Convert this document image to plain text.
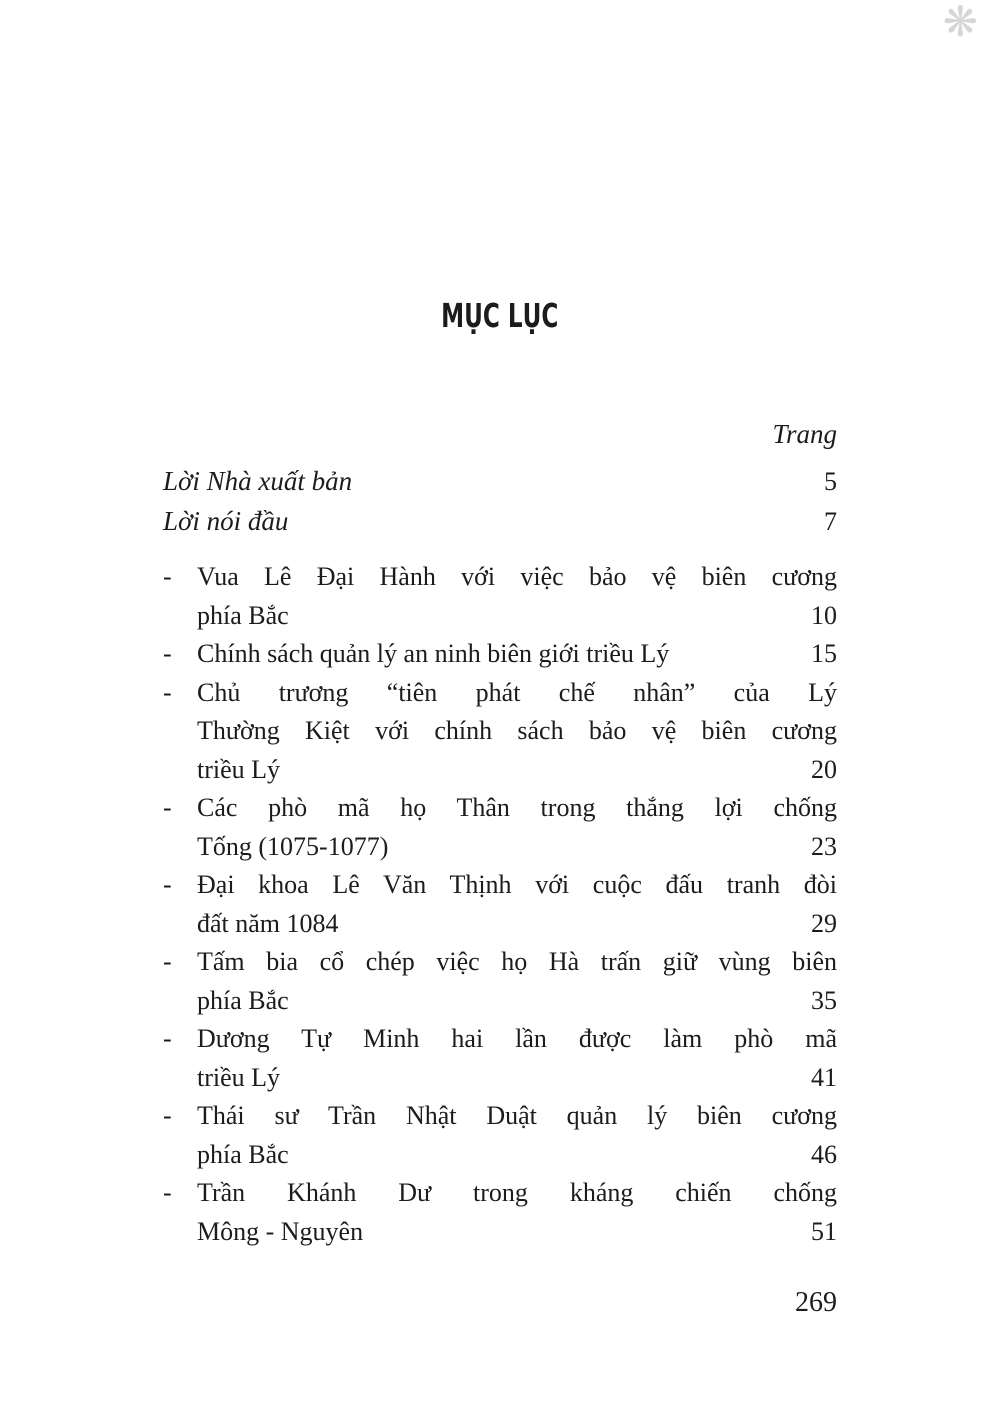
❋
MỤC LỤC
Trang
Lời Nhà xuất bản	5
Lời nói đầu	7
- Vua Lê Đại Hành với việc bảo vệ biên cương
phía Bắc	10
- Chính sách quản lý an ninh biên giới triều Lý	15
- Chủ trương “tiên phát chế nhân” của Lý
Thường Kiệt với chính sách bảo vệ biên cương
triều Lý	20
- Các phò mã họ Thân trong thắng lợi chống
Tống (1075-1077)	23
- Đại khoa Lê Văn Thịnh với cuộc đấu tranh đòi
đất năm 1084	29
- Tấm bia cổ chép việc họ Hà trấn giữ vùng biên
phía Bắc	35
- Dương Tự Minh hai lần được làm phò mã
triều Lý	41
- Thái sư Trần Nhật Duật quản lý biên cương
phía Bắc	46
- Trần Khánh Dư trong kháng chiến chống
Mông - Nguyên	51
269
